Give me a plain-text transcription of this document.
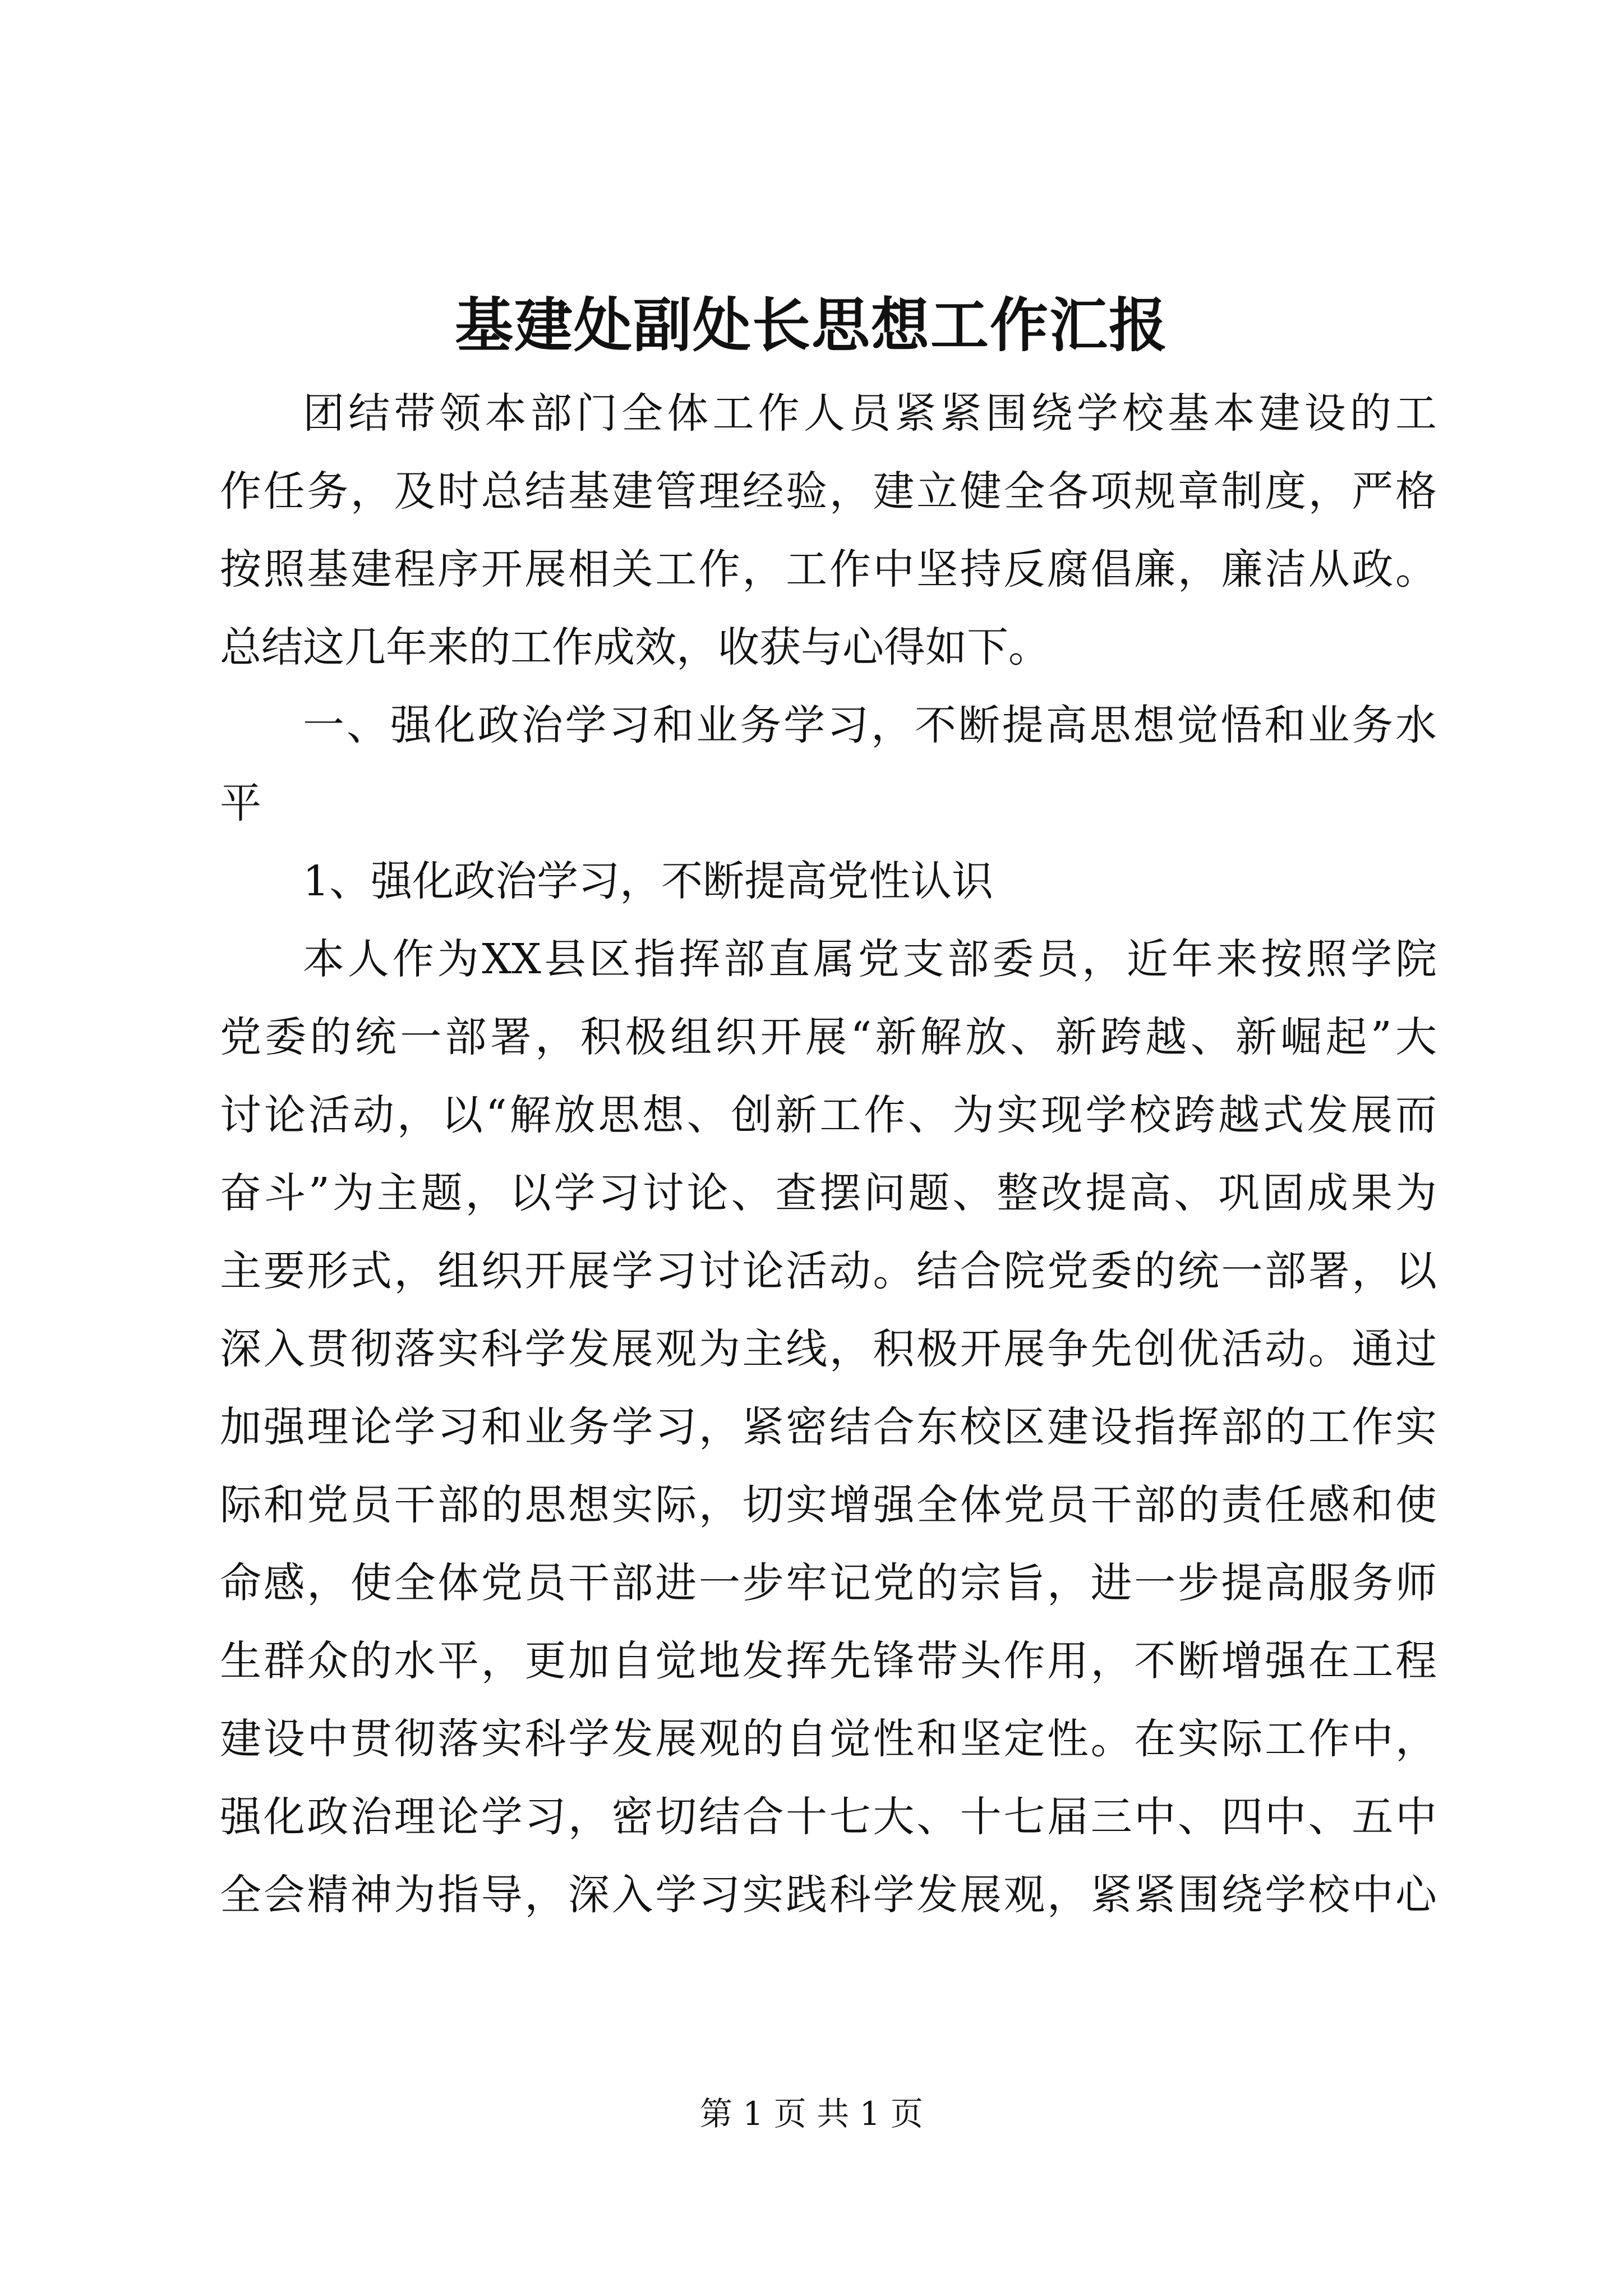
基建处副处长思想工作汇报
团结带领本部门全体工作人员紧紧围绕学校基本建设的工
作任务，及时总结基建管理经验，建立健全各项规章制度，严格
按照基建程序开展相关工作，工作中坚持反腐倡廉，廉洁从政。
总结这几年来的工作成效，收获与心得如下。
一、强化政治学习和业务学习，不断提高思想觉悟和业务水
平
1、强化政治学习，不断提高党性认识
本人作为XX县区指挥部直属党支部委员，近年来按照学院
党委的统一部署，积极组织开展“新解放、新跨越、新崛起”大
讨论活动，以“解放思想、创新工作、为实现学校跨越式发展而
奋斗”为主题，以学习讨论、查摆问题、整改提高、巩固成果为
主要形式，组织开展学习讨论活动。结合院党委的统一部署，以
深入贯彻落实科学发展观为主线，积极开展争先创优活动。通过
加强理论学习和业务学习，紧密结合东校区建设指挥部的工作实
际和党员干部的思想实际，切实增强全体党员干部的责任感和使
命感，使全体党员干部进一步牢记党的宗旨，进一步提高服务师
生群众的水平，更加自觉地发挥先锋带头作用，不断增强在工程
建设中贯彻落实科学发展观的自觉性和坚定性。在实际工作中，
强化政治理论学习，密切结合十七大、十七届三中、四中、五中
全会精神为指导，深入学习实践科学发展观，紧紧围绕学校中心
第 1 页 共 1 页
